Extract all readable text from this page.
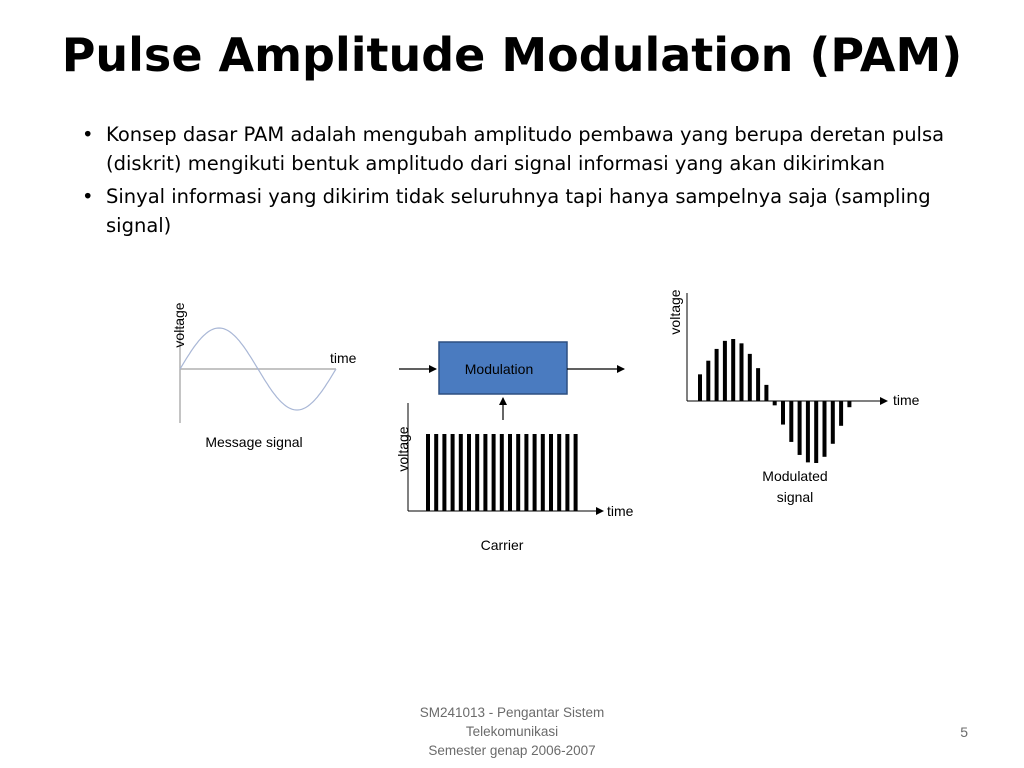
Pulse Amplitude Modulation (PAM)
• Konsep dasar PAM adalah mengubah amplitudo pembawa yang berupa deretan pulsa (diskrit) mengikuti bentuk amplitudo dari signal informasi yang akan dikirimkan
• Sinyal informasi yang dikirim tidak seluruhnya tapi hanya sampelnya saja (sampling signal)
voltage
time
Message signal
Modulation
voltage
time
Carrier
voltage
time
Modulated
signal
SM241013 - Pengantar Sistem
Telekomunikasi
Semester genap 2006-2007
5
